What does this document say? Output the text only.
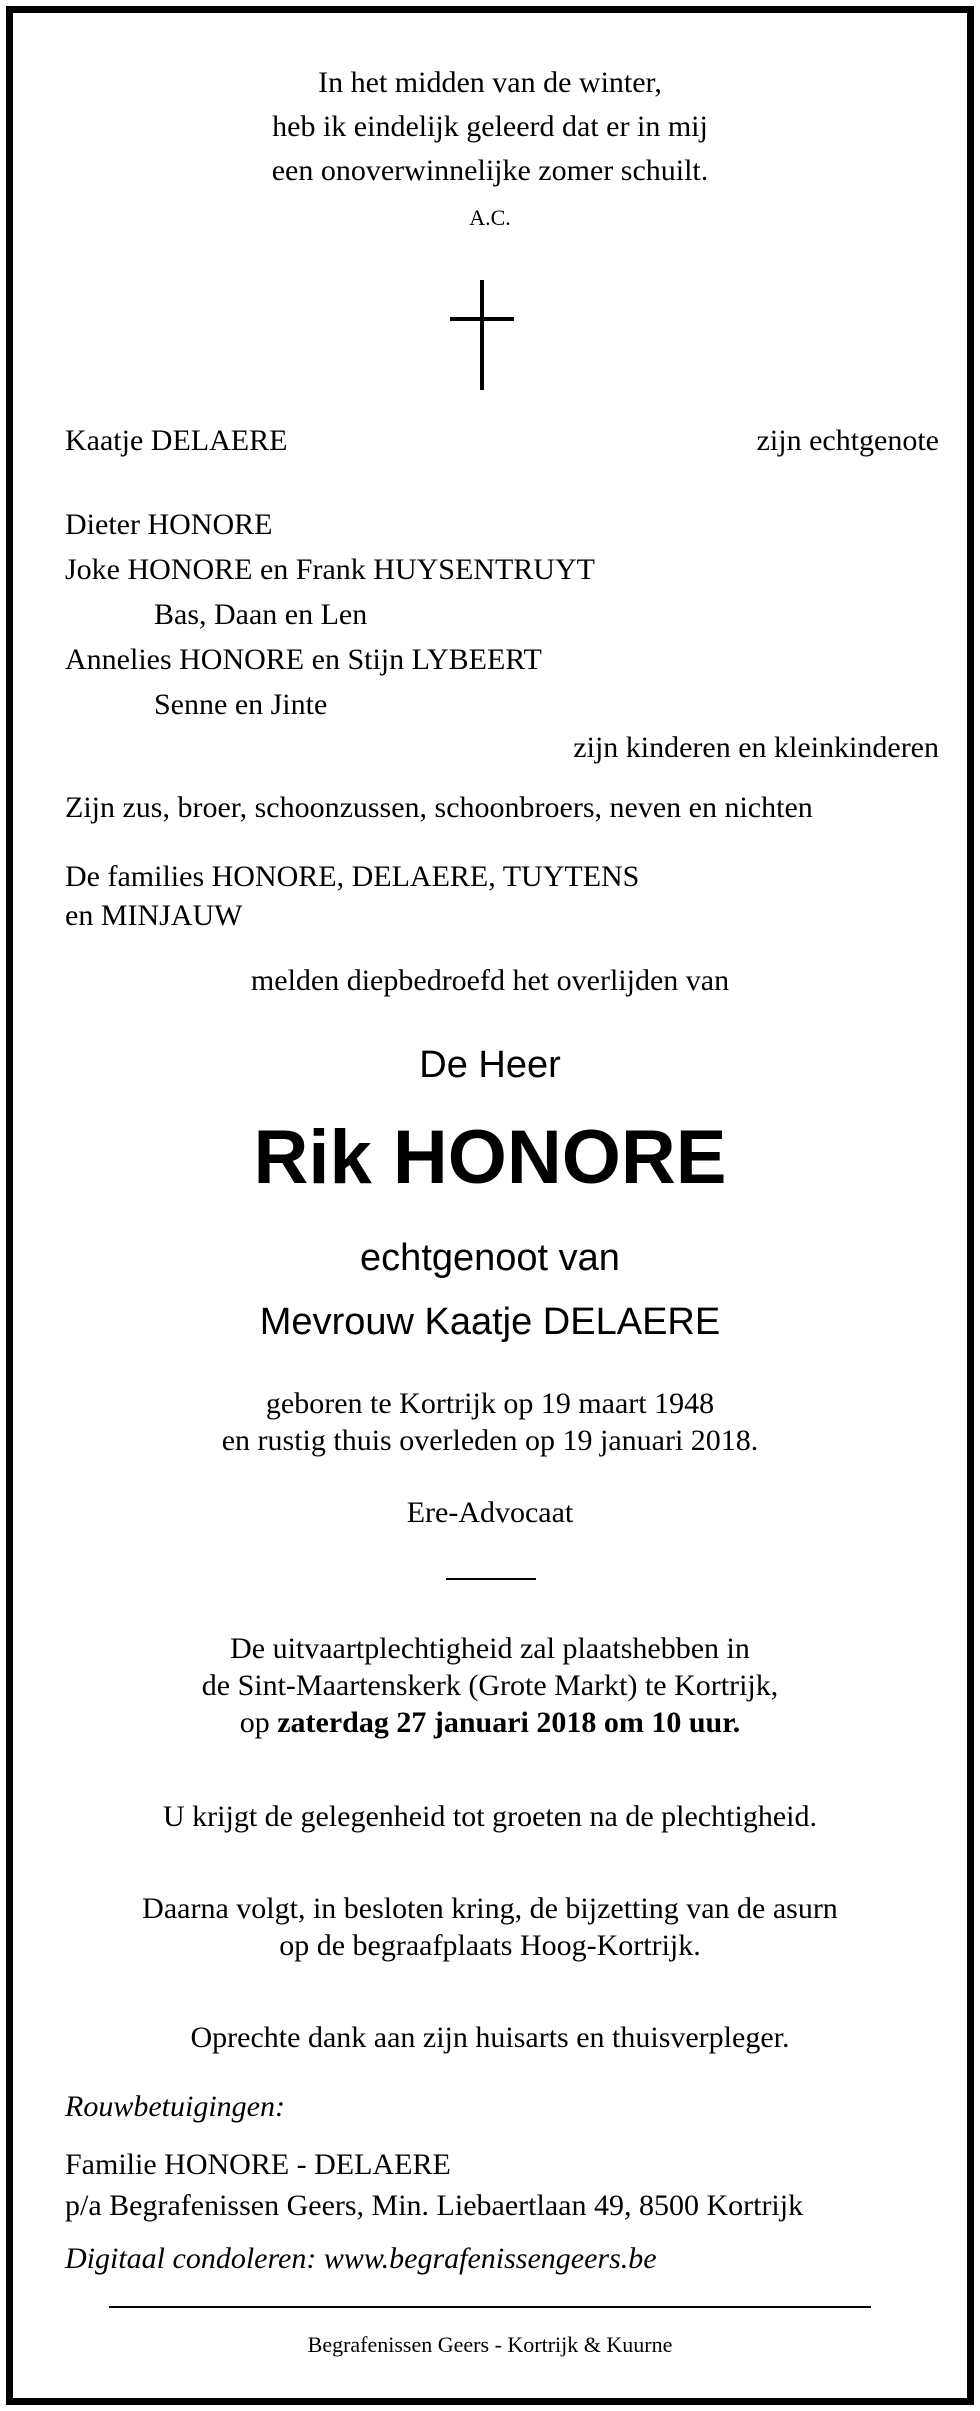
In het midden van de winter,

heb ik eindelijk geleerd dat er in mij

een onoverwinnelijke zomer schuilt.

A.C.

Kaatje DELAERE	zijn echtgenote

Dieter HONORE

Joke HONORE en Frank HUYSENTRUYT

Bas, Daan en Len

Annelies HONORE en Stijn LYBEERT

Senne en Jinte

zijn kinderen en kleinkinderen

Zijn zus, broer, schoonzussen, schoonbroers, neven en nichten

De families HONORE, DELAERE, TUYTENS

en MINJAUW

melden diepbedroefd het overlijden van

De Heer

Rik HONORE

echtgenoot van

Mevrouw Kaatje DELAERE

geboren te Kortrijk op 19 maart 1948

en rustig thuis overleden op 19 januari 2018.

Ere-Advocaat

De uitvaartplechtigheid zal plaatshebben in

de Sint-Maartenskerk (Grote Markt) te Kortrijk,

op zaterdag 27 januari 2018 om 10 uur.

U krijgt de gelegenheid tot groeten na de plechtigheid.

Daarna volgt, in besloten kring, de bijzetting van de asurn

op de begraafplaats Hoog-Kortrijk.

Oprechte dank aan zijn huisarts en thuisverpleger.

Rouwbetuigingen:

Familie HONORE - DELAERE

p/a Begrafenissen Geers, Min. Liebaertlaan 49, 8500 Kortrijk

Digitaal condoleren: www.begrafenissengeers.be

Begrafenissen Geers - Kortrijk & Kuurne
